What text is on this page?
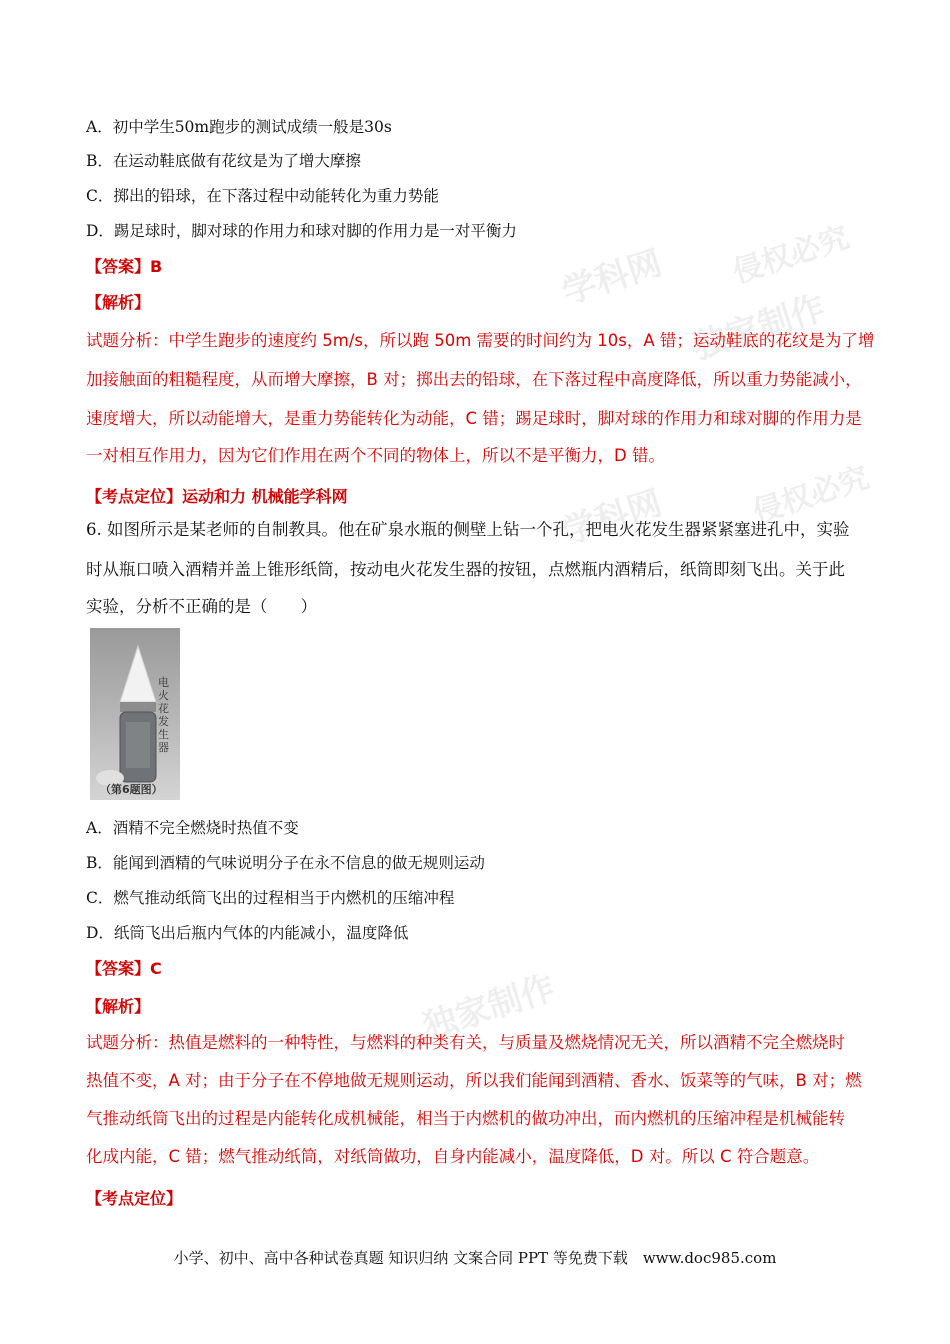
学科网 侵权必究
独家制作
学科网	侵权必究
独家制作
A．初中学生50m跑步的测试成绩一般是30s
B．在运动鞋底做有花纹是为了增大摩擦
C．掷出的铅球，在下落过程中动能转化为重力势能
D．踢足球时，脚对球的作用力和球对脚的作用力是一对平衡力
【答案】B
【解析】
试题分析：中学生跑步的速度约 5m/s，所以跑 50m 需要的时间约为 10s，A 错；运动鞋底的花纹是为了增
加接触面的粗糙程度，从而增大摩擦，B 对；掷出去的铅球，在下落过程中高度降低，所以重力势能减小，
速度增大，所以动能增大，是重力势能转化为动能，C 错；踢足球时，脚对球的作用力和球对脚的作用力是
一对相互作用力，因为它们作用在两个不同的物体上，所以不是平衡力，D 错。
【考点定位】运动和力 机械能学科网
6. 如图所示是某老师的自制教具。他在矿泉水瓶的侧壁上钻一个孔，把电火花发生器紧紧塞进孔中，实验
时从瓶口喷入酒精并盖上锥形纸筒，按动电火花发生器的按钮，点燃瓶内酒精后，纸筒即刻飞出。关于此
实验，分析不正确的是（　　）
电火花发生器
（第6题图）
A．酒精不完全燃烧时热值不变
B．能闻到酒精的气味说明分子在永不信息的做无规则运动
C．燃气推动纸筒飞出的过程相当于内燃机的压缩冲程
D．纸筒飞出后瓶内气体的内能减小，温度降低
【答案】C
【解析】
试题分析：热值是燃料的一种特性，与燃料的种类有关，与质量及燃烧情况无关，所以酒精不完全燃烧时
热值不变，A 对；由于分子在不停地做无规则运动，所以我们能闻到酒精、香水、饭菜等的气味，B 对；燃
气推动纸筒飞出的过程是内能转化成机械能，相当于内燃机的做功冲出，而内燃机的压缩冲程是机械能转
化成内能，C 错；燃气推动纸筒，对纸筒做功，自身内能减小，温度降低，D 对。所以 C 符合题意。
【考点定位】
小学、初中、高中各种试卷真题 知识归纳 文案合同 PPT 等免费下载　www.doc985.com
